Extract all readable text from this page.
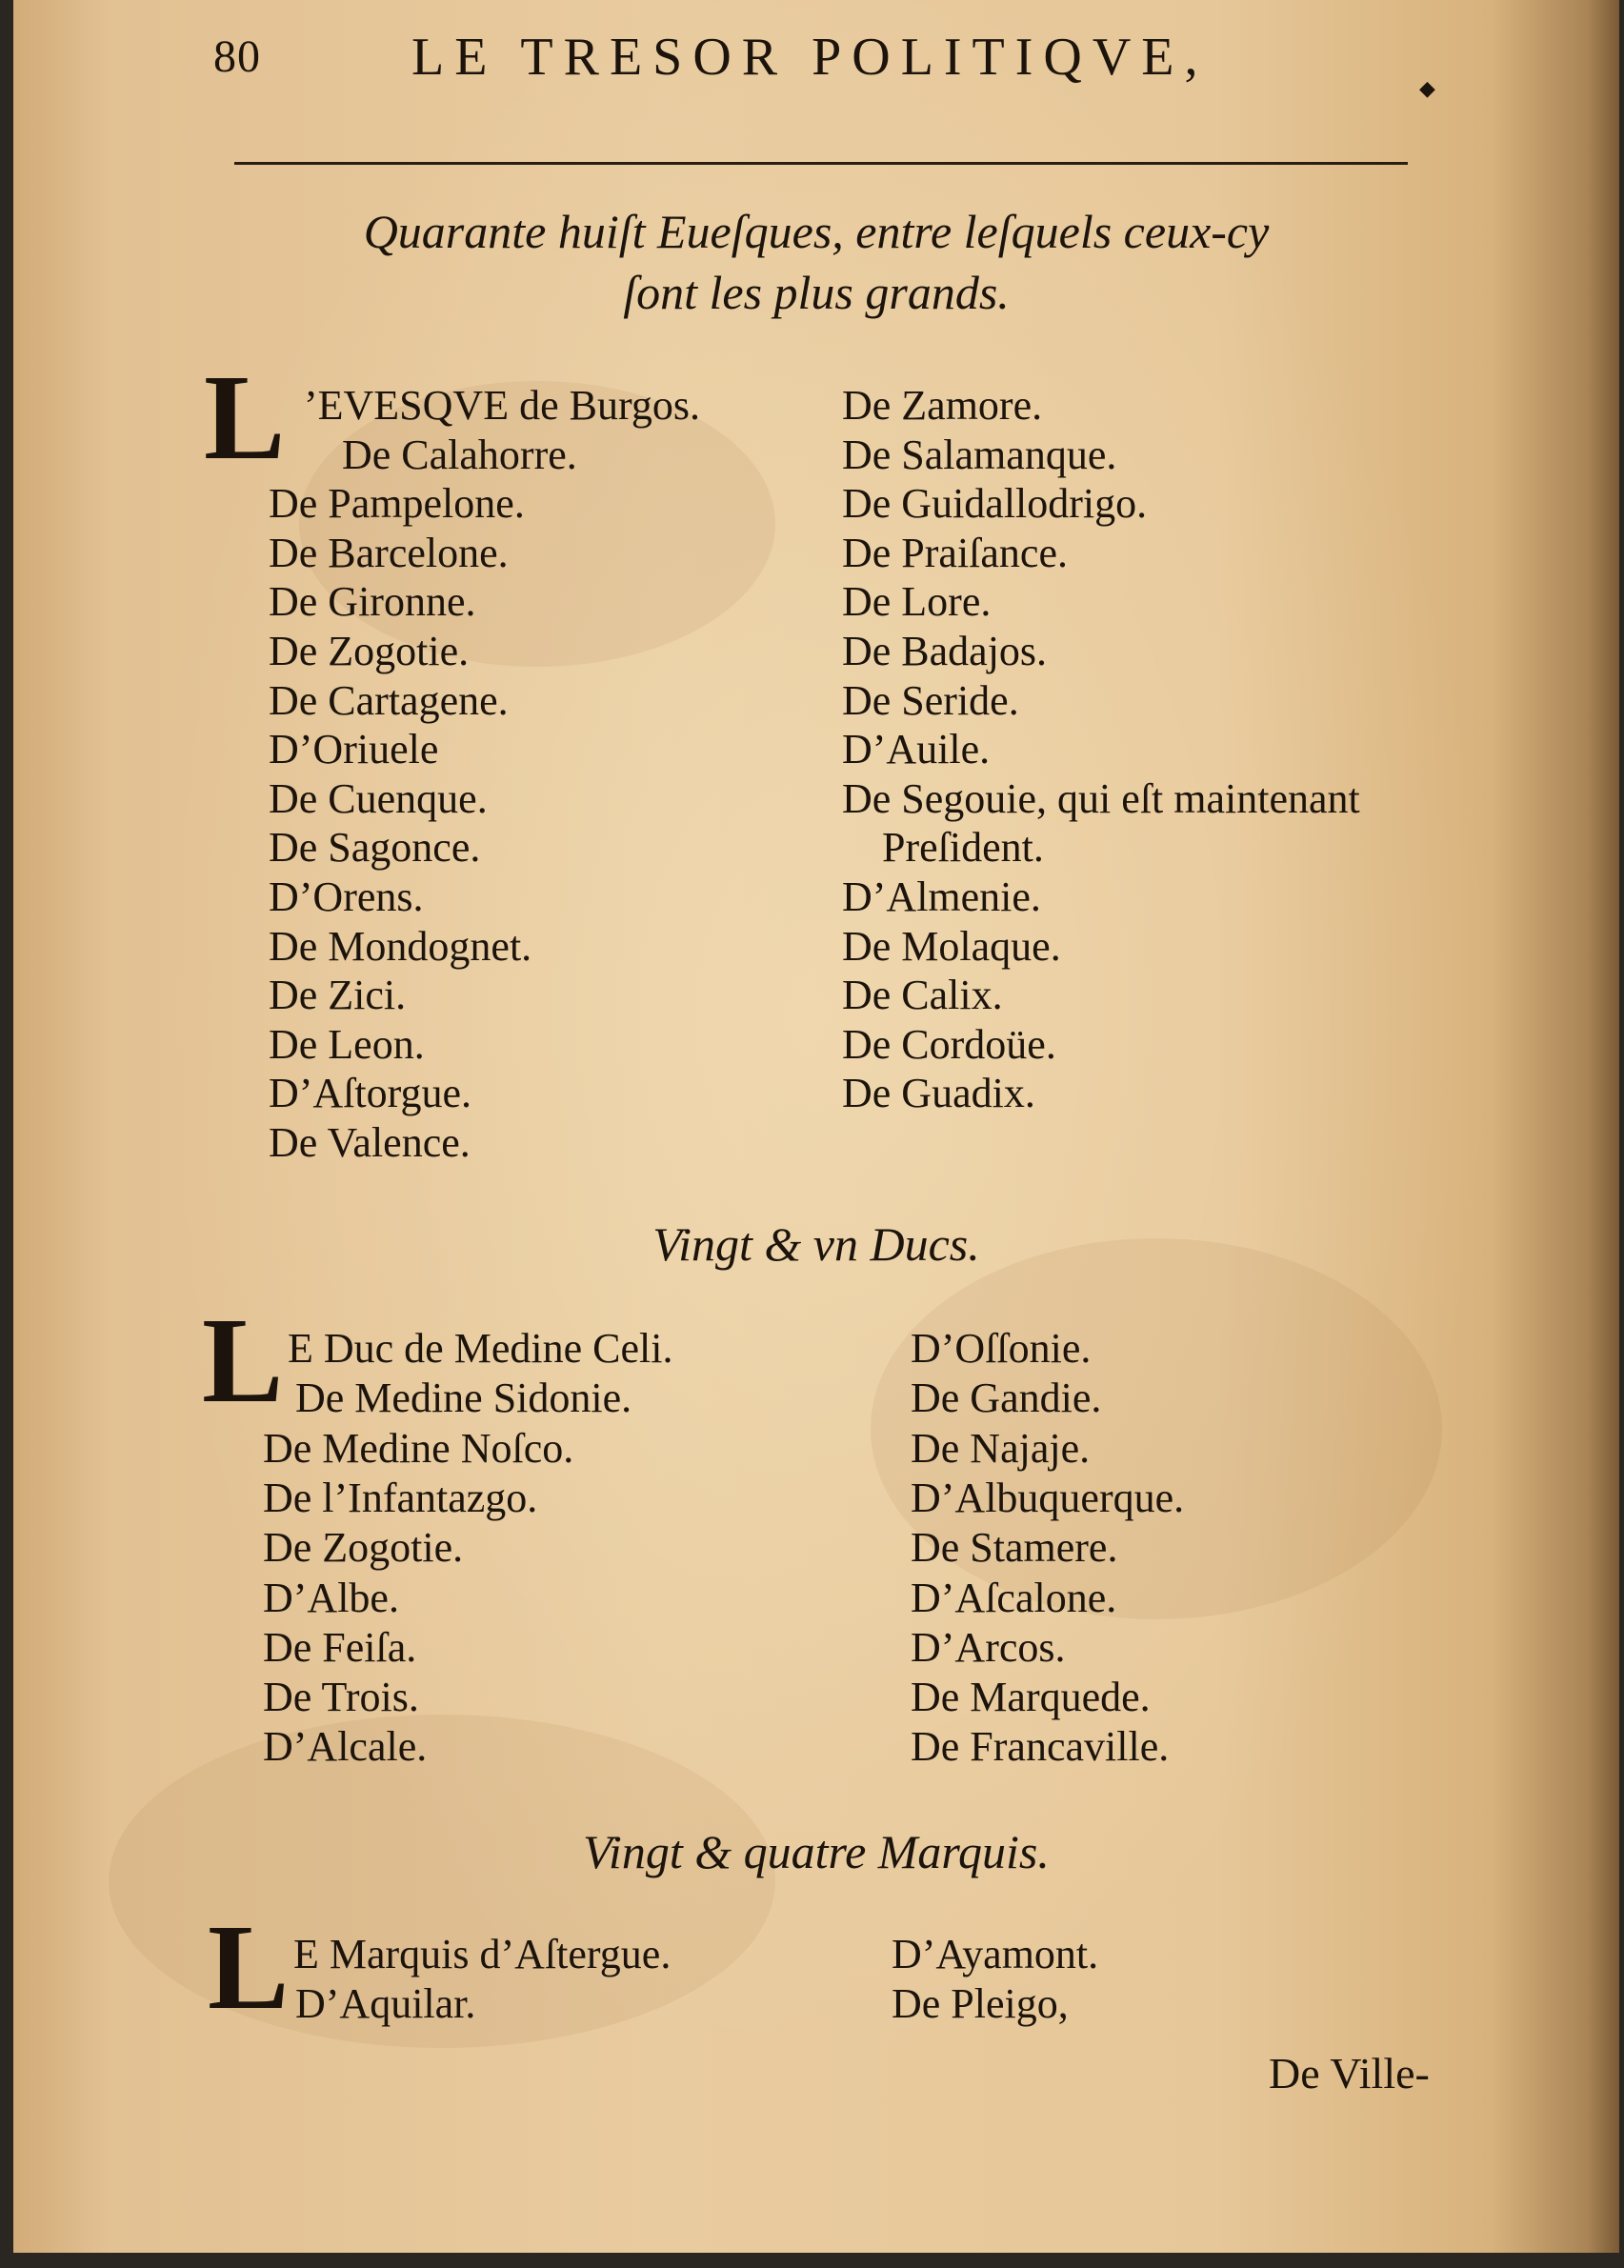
80	LE TRESOR POLITIQVE,
◆
Quarante huiſt Eueſques, entre leſquels ceux-cy
ſont les plus grands.
L ’EVESQVE de Burgos.
De Calahorre.
De Pampelone.
De Barcelone.
De Gironne.
De Zogotie.
De Cartagene.
D’Oriuele
De Cuenque.
De Sagonce.
D’Orens.
De Mondognet.
De Zici.
De Leon.
D’Aſtorgue.
De Valence.
De Zamore.
De Salamanque.
De Guidallodrigo.
De Praiſance.
De Lore.
De Badajos.
De Seride.
D’Auile.
De Segouie, qui eſt maintenant
Preſident.
D’Almenie.
De Molaque.
De Calix.
De Cordoüe.
De Guadix.
Vingt & vn Ducs.
L E Duc de Medine Celi.
De Medine Sidonie.
De Medine Noſco.
De l’Infantazgo.
De Zogotie.
D’Albe.
De Feiſa.
De Trois.
D’Alcale.
D’Oſſonie.
De Gandie.
De Najaje.
D’Albuquerque.
De Stamere.
D’Aſcalone.
D’Arcos.
De Marquede.
De Francaville.
Vingt & quatre Marquis.
L E Marquis d’Aſtergue.
D’Aquilar.
D’Ayamont.
De Pleigo,
De Ville-
